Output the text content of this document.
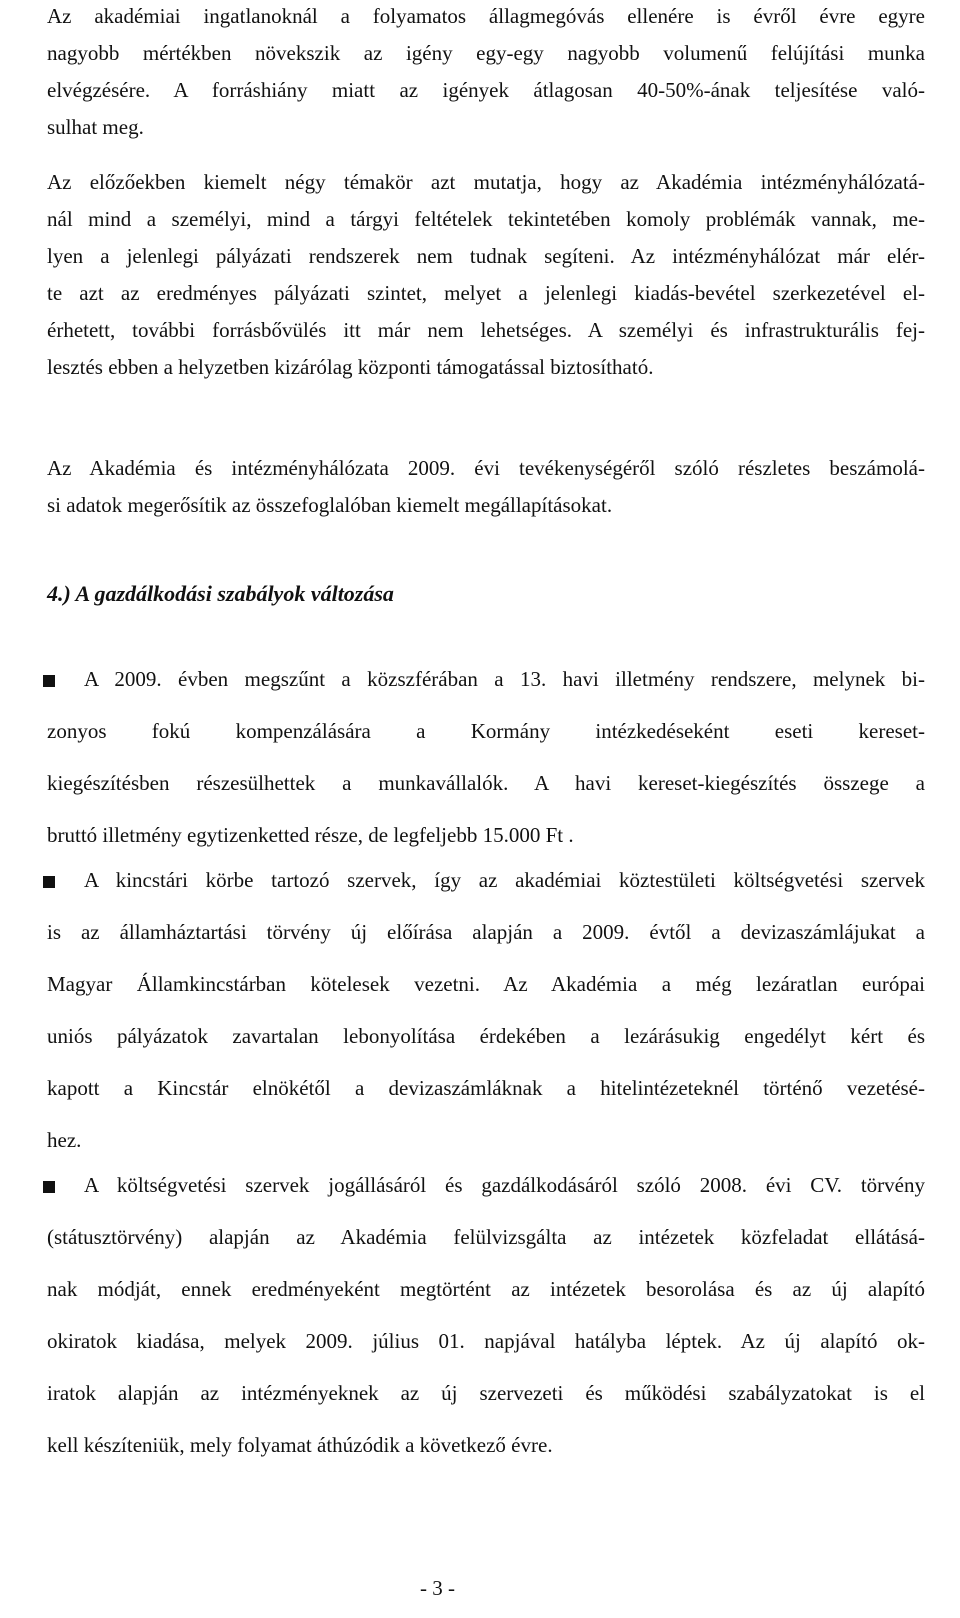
Az akadémiai ingatlanoknál a folyamatos állagmegóvás ellenére is évről évre egyre
nagyobb mértékben növekszik az igény egy-egy nagyobb volumenű felújítási munka
elvégzésére. A forráshiány miatt az igények átlagosan 40-50%-ának teljesítése való-
sulhat meg.
Az előzőekben kiemelt négy témakör azt mutatja, hogy az Akadémia intézményhálózatá-
nál mind a személyi, mind a tárgyi feltételek tekintetében komoly problémák vannak, me-
lyen a jelenlegi pályázati rendszerek nem tudnak segíteni. Az intézményhálózat már elér-
te azt az eredményes pályázati szintet, melyet a jelenlegi kiadás-bevétel szerkezetével el-
érhetett, további forrásbővülés itt már nem lehetséges. A személyi és infrastrukturális fej-
lesztés ebben a helyzetben kizárólag központi támogatással biztosítható.
Az Akadémia és intézményhálózata 2009. évi tevékenységéről szóló részletes beszámolá-
si adatok megerősítik az összefoglalóban kiemelt megállapításokat.
4.) A gazdálkodási szabályok változása
A 2009. évben megszűnt a közszférában a 13. havi illetmény rendszere, melynek bi-
zonyos fokú kompenzálására a Kormány intézkedéseként eseti kereset-
kiegészítésben részesülhettek a munkavállalók. A havi kereset-kiegészítés összege a
bruttó illetmény egytizenketted része, de legfeljebb 15.000 Ft .
A kincstári körbe tartozó szervek, így az akadémiai köztestületi költségvetési szervek
is az államháztartási törvény új előírása alapján a 2009. évtől a devizaszámlájukat a
Magyar Államkincstárban kötelesek vezetni. Az Akadémia a még lezáratlan európai
uniós pályázatok zavartalan lebonyolítása érdekében a lezárásukig engedélyt kért és
kapott a Kincstár elnökétől a devizaszámláknak a hitelintézeteknél történő vezetésé-
hez.
A költségvetési szervek jogállásáról és gazdálkodásáról szóló 2008. évi CV. törvény
(státusztörvény) alapján az Akadémia felülvizsgálta az intézetek közfeladat ellátásá-
nak módját, ennek eredményeként megtörtént az intézetek besorolása és az új alapító
okiratok kiadása, melyek 2009. július 01. napjával hatályba léptek. Az új alapító ok-
iratok alapján az intézményeknek az új szervezeti és működési szabályzatokat is el
kell készíteniük, mely folyamat áthúzódik a következő évre.
- 3 -
